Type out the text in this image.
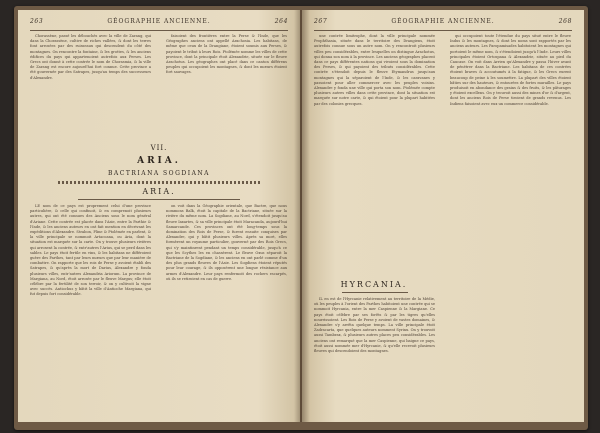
263	GÉOGRAPHIE ANCIENNE.	264

Chorassène, passé les débouchés avec la ville de Zarang, qui dans la Chorassène, cultive de riches vallées, & dont les terres font arrosées par des ruisseaux qui descendent du côté des montagnes. On rencontre la fontaine, & les grottes, & les anciens édifices du pays qui appartenoient autrefois aux Perses. Les Grecs ont donné à cette contrée le nom de Chorasmia, & la ville de Zarang est encore aujourd'hui fort connue. Cette province a été gouvernée par des Satrapes, jusqu'au temps des successeurs d'Alexandre.

faisoient des frontières entre la Perse & l'Inde, que les Géographes anciens ont appellé Arachosia. Les habitans, de même que ceux de la Drangiane, étoient soumis aux Perses, & payoient le tribut à leurs Rois. Ptolémée nomme les villes de cette province, dont la principale étoit Alexandrie, située sur le fleuve Arachotus. Les géographes ont placé dans ce canton différens peuples qui occupoient les montagnes, & dont les mœurs étoient fort sauvages.

VII.
ARIA.
BACTRIANA SOGDIANA
ARIA.

LE nom de ce pays est proprement celui d'une province particulière, & celle qui confinoit, & en comprenoit plusieurs autres, qui ont été connues des Anciens sous le nom général d'Ariane. Cette contrée est placée dans l'Asie, entre la Parthie & l'Inde, & les anciens auteurs en ont fait mention en décrivant les expéditions d'Alexandre. Strabon, Pline & Ptolémée en parlent, & la ville principale se nommoit Artacoana, ou Aria, dont la situation est marquée sur la carte. On y trouve plusieurs rivières qui arrosent la contrée, & entr'autres l'Arius, qui se perd dans les sables. Le pays étoit fertile en vins, & les habitans ne différoient guère des Parthes, tant par leurs mœurs que par leur manière de combattre. On rapporte que les rois de Perse y avoient établi des Satrapes, & qu'après la mort de Darius, Alexandre y fonda plusieurs villes, entr'autres Alexandria Ariorum. La province de Margiana, au Nord, étoit arrosée par le fleuve Margus; elle étoit célèbre par la fertilité de son terroir, & on y cultivoit la vigne avec succès. Antiochus y bâtit la ville d'Antioche Margiana, qui fut depuis fort considérable.

on voit dans la Géographie orientale, que Bactre, que nous nommons Balk, étoit la capitale de la Bactriane, située sur la rivière du même nom. La Sogdiane, au Nord, s'étendoit jusqu'au fleuve Iaxartes, & sa ville principale étoit Maracanda, aujourd'hui Samarcande. Ces provinces ont été long-temps sous la domination des Rois de Perse, & furent ensuite conquises par Alexandre, qui y bâtit plusieurs villes. Après sa mort, elles formèrent un royaume particulier, gouverné par des Rois Grecs, qui s'y maintinrent pendant un temps considérable, jusqu'à ce que les Scythes les en chassèrent. Le fleuve Oxus séparoit la Bactriane de la Sogdiane, & les anciens en ont parlé comme d'un des plus grands fleuves de l'Asie. Les Sogdiens étoient réputés pour leur courage, & ils opposèrent une longue résistance aux armes d'Alexandre. Leur pays renfermoit des rochers escarpés, où ils se retiroient en cas de guerre.

267	GÉOGRAPHIE ANCIENNE.	268

une contrée limitrophe, dont la ville principale nommée Prophthasia, située dans le territoire des Drangiens, étoit autrefois connue sous un autre nom. On y rencontroit plusieurs villes peu considérables, entre lesquelles on distingue Arachotus, qui donna son nom à la province. Les anciens géographes placent dans ce pays différentes nations qui vivoient sous la domination des Perses, & qui payoient des tributs considérables. Cette contrée s'étendoit depuis le fleuve Etymandrus jusqu'aux montagnes qui la séparoient de l'Inde, & les caravanes y passoient pour aller commercer avec les peuples voisins. Alexandre y fonda une ville qui porta son nom. Ptolémée compte plusieurs autres villes dans cette province, dont la situation est marquée sur notre carte, & qui étoient pour la plupart habitées par des colonies grecques.

qui occupoient toute l'étendue du pays situé entre le fleuve Indus & les montagnes, & dont les noms sont rapportés par les anciens auteurs. Les Paropamisades habitoient les montagnes qui portoient le même nom, & s'étendoient jusqu'à l'Inde. Leurs villes principales étoient Ortospana & Alexandrie, située au pied du Caucase. On voit dans Arrien qu'Alexandre y passa l'hiver avant de pénétrer dans la Bactriane. Les habitans de ces contrées étoient braves & accoutumés à la fatigue, & les Grecs eurent beaucoup de peine à les soumettre. La plupart des villes étoient bâties sur des hauteurs, & entourées de fortes murailles. Le pays produisoit en abondance des grains & des fruits, & les pâturages y étoient excellens. On y trouvoit aussi des mines d'or & d'argent, dont les anciens Rois de Perse tiroient de grands revenus. Les Indiens faisoient avec eux un commerce considérable.

HYRCANIA.

IL en est de l'Hyrcanie relativement au territoire de la Médie, où les peuples à l'orient des Parthes habitoient une contrée qui se nommoit Hyrcania, entre la mer Caspienne & la Margiane. Ce pays étoit célèbre par ses forêts & par les tigres qu'elles nourrissoient. Les Rois de Perse y avoient de vastes domaines, & Alexandre s'y arrêta quelque temps. La ville principale étoit Zadracarta, que quelques auteurs nomment Syrinx. On y trouvoit aussi Tambrax, & plusieurs autres places peu considérables. Les anciens ont remarqué que la mer Caspienne, qui baigne ce pays, étoit aussi nommée mer d'Hyrcanie, & qu'elle recevoit plusieurs fleuves qui descendoient des montagnes.
